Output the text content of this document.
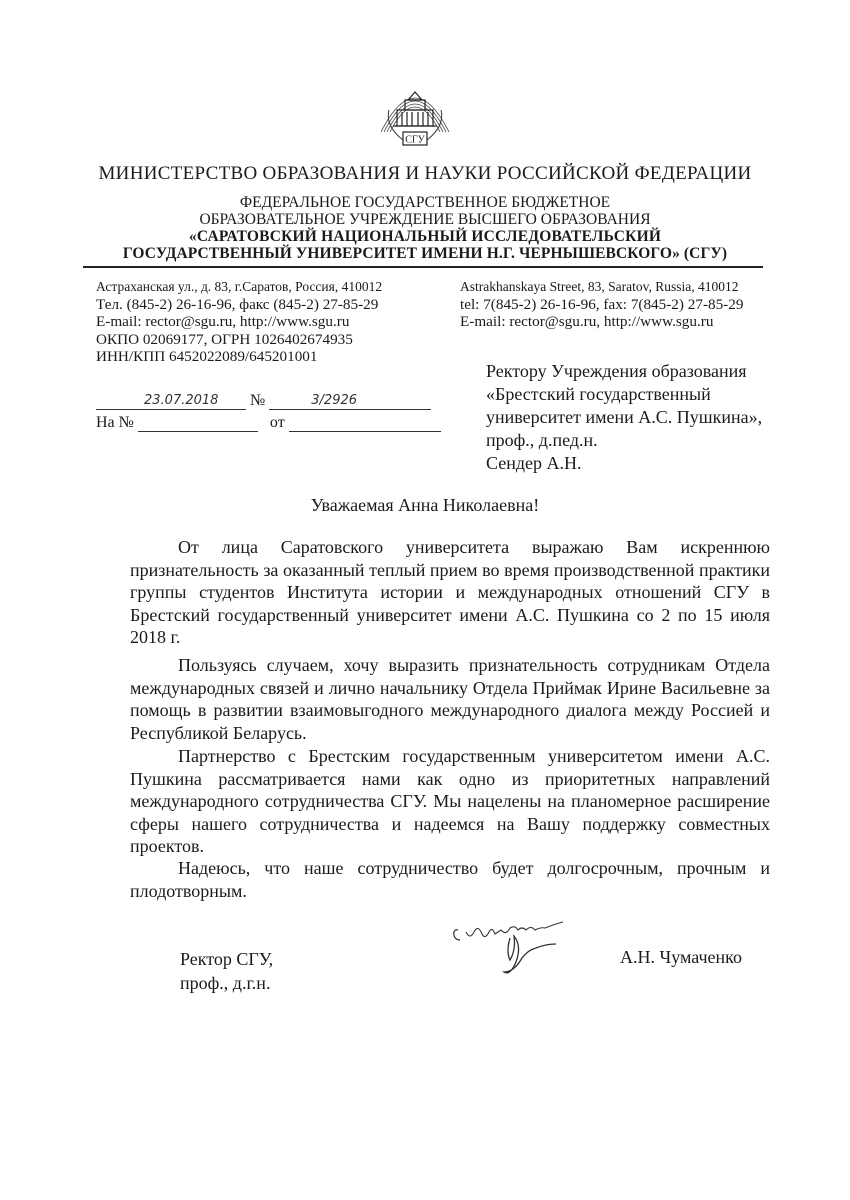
СГУ
МИНИСТЕРСТВО ОБРАЗОВАНИЯ И НАУКИ РОССИЙСКОЙ ФЕДЕРАЦИИ
ФЕДЕРАЛЬНОЕ ГОСУДАРСТВЕННОЕ БЮДЖЕТНОЕ
ОБРАЗОВАТЕЛЬНОЕ УЧРЕЖДЕНИЕ ВЫСШЕГО ОБРАЗОВАНИЯ
«САРАТОВСКИЙ НАЦИОНАЛЬНЫЙ ИССЛЕДОВАТЕЛЬСКИЙ
ГОСУДАРСТВЕННЫЙ УНИВЕРСИТЕТ ИМЕНИ Н.Г. ЧЕРНЫШЕВСКОГО» (СГУ)
Астраханская ул., д. 83, г.Саратов, Россия, 410012
Тел. (845-2) 26-16-96, факс (845-2) 27-85-29
E-mail: rector@sgu.ru, http://www.sgu.ru
ОКПО 02069177, ОГРН 1026402674935
ИНН/КПП 6452022089/645201001
Astrakhanskaya Street, 83, Saratov, Russia, 410012
tel: 7(845-2) 26-16-96, fax: 7(845-2) 27-85-29
E-mail: rector@sgu.ru, http://www.sgu.ru
23.07.2018 №	3/2926
На №	от
Ректору Учреждения образования
«Брестский государственный
университет имени А.С. Пушкина»,
проф., д.пед.н.
Сендер А.Н.
Уважаемая Анна Николаевна!

От лица Саратовского университета выражаю Вам искреннюю признательность за оказанный теплый прием во время производственной практики группы студентов Института истории и международных отношений СГУ в Брестский государственный университет имени А.С. Пушкина со 2 по 15 июля 2018 г.

Пользуясь случаем, хочу выразить признательность сотрудникам Отдела международных связей и лично начальнику Отдела Приймак Ирине Васильевне за помощь в развитии взаимовыгодного международного диалога между Россией и Республикой Беларусь.

Партнерство с Брестским государственным университетом имени А.С. Пушкина рассматривается нами как одно из приоритетных направлений международного сотрудничества СГУ. Мы нацелены на планомерное расширение сферы нашего сотрудничества и надеемся на Вашу поддержку совместных проектов.

Надеюсь, что наше сотрудничество будет долгосрочным, прочным и плодотворным.

Ректор СГУ,
проф., д.г.н.
А.Н. Чумаченко
